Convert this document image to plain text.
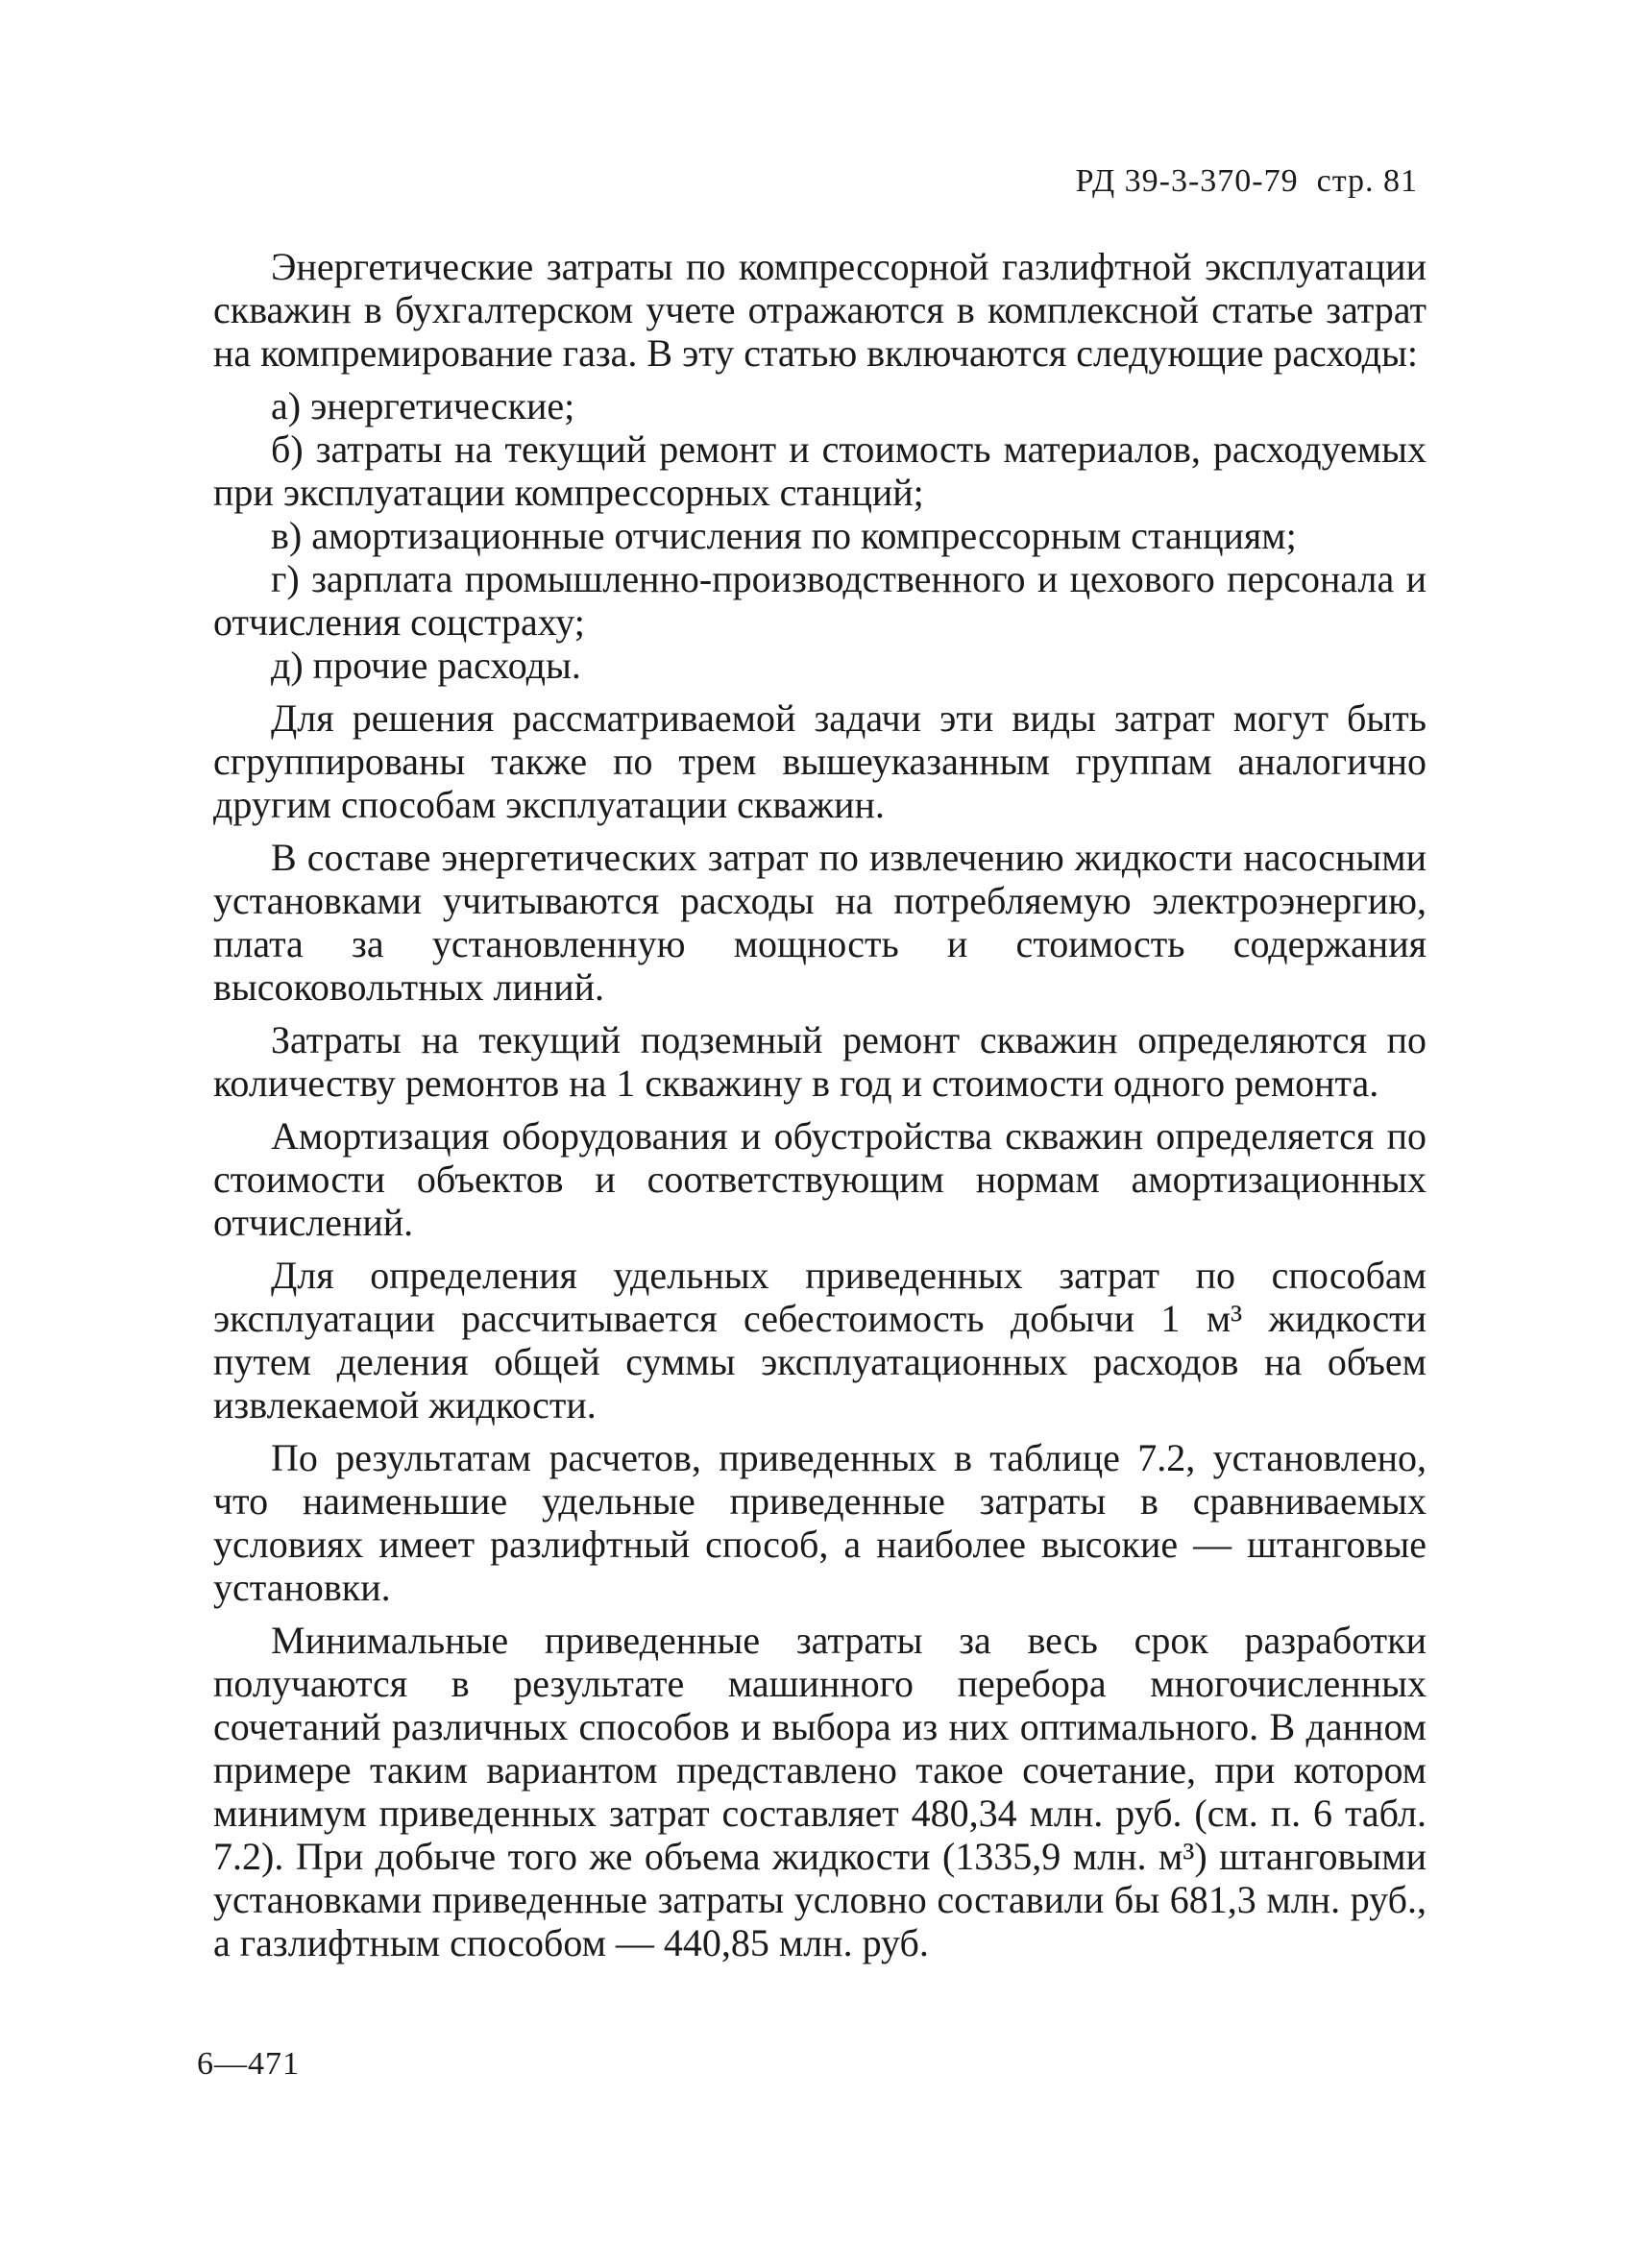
РД 39-3-370-79 стр. 81

Энергетические затраты по компрессорной газлифтной эксплуатации скважин в бухгалтерском учете отражаются в комплексной статье затрат на компремирование газа. В эту статью включаются следующие расходы:

а) энергетические;

б) затраты на текущий ремонт и стоимость материалов, расходуемых при эксплуатации компрессорных станций;

в) амортизационные отчисления по компрессорным станциям;

г) зарплата промышленно-производственного и цехового персонала и отчисления соцстраху;

д) прочие расходы.

Для решения рассматриваемой задачи эти виды затрат могут быть сгруппированы также по трем вышеуказанным группам аналогично другим способам эксплуатации скважин.

В составе энергетических затрат по извлечению жидкости насосными установками учитываются расходы на потребляемую электроэнергию, плата за установленную мощность и стоимость содержания высоковольтных линий.

Затраты на текущий подземный ремонт скважин определяются по количеству ремонтов на 1 скважину в год и стоимости одного ремонта.

Амортизация оборудования и обустройства скважин определяется по стоимости объектов и соответствующим нормам амортизационных отчислений.

Для определения удельных приведенных затрат по способам эксплуатации рассчитывается себестоимость добычи 1 м³ жидкости путем деления общей суммы эксплуатационных расходов на объем извлекаемой жидкости.

По результатам расчетов, приведенных в таблице 7.2, установлено, что наименьшие удельные приведенные затраты в сравниваемых условиях имеет разлифтный способ, а наиболее высокие — штанговые установки.

Минимальные приведенные затраты за весь срок разработки получаются в результате машинного перебора многочисленных сочетаний различных способов и выбора из них оптимального. В данном примере таким вариантом представлено такое сочетание, при котором минимум приведенных затрат составляет 480,34 млн. руб. (см. п. 6 табл. 7.2). При добыче того же объема жидкости (1335,9 млн. м³) штанговыми установками приведенные затраты условно составили бы 681,3 млн. руб., а газлифтным способом — 440,85 млн. руб.

6—471
